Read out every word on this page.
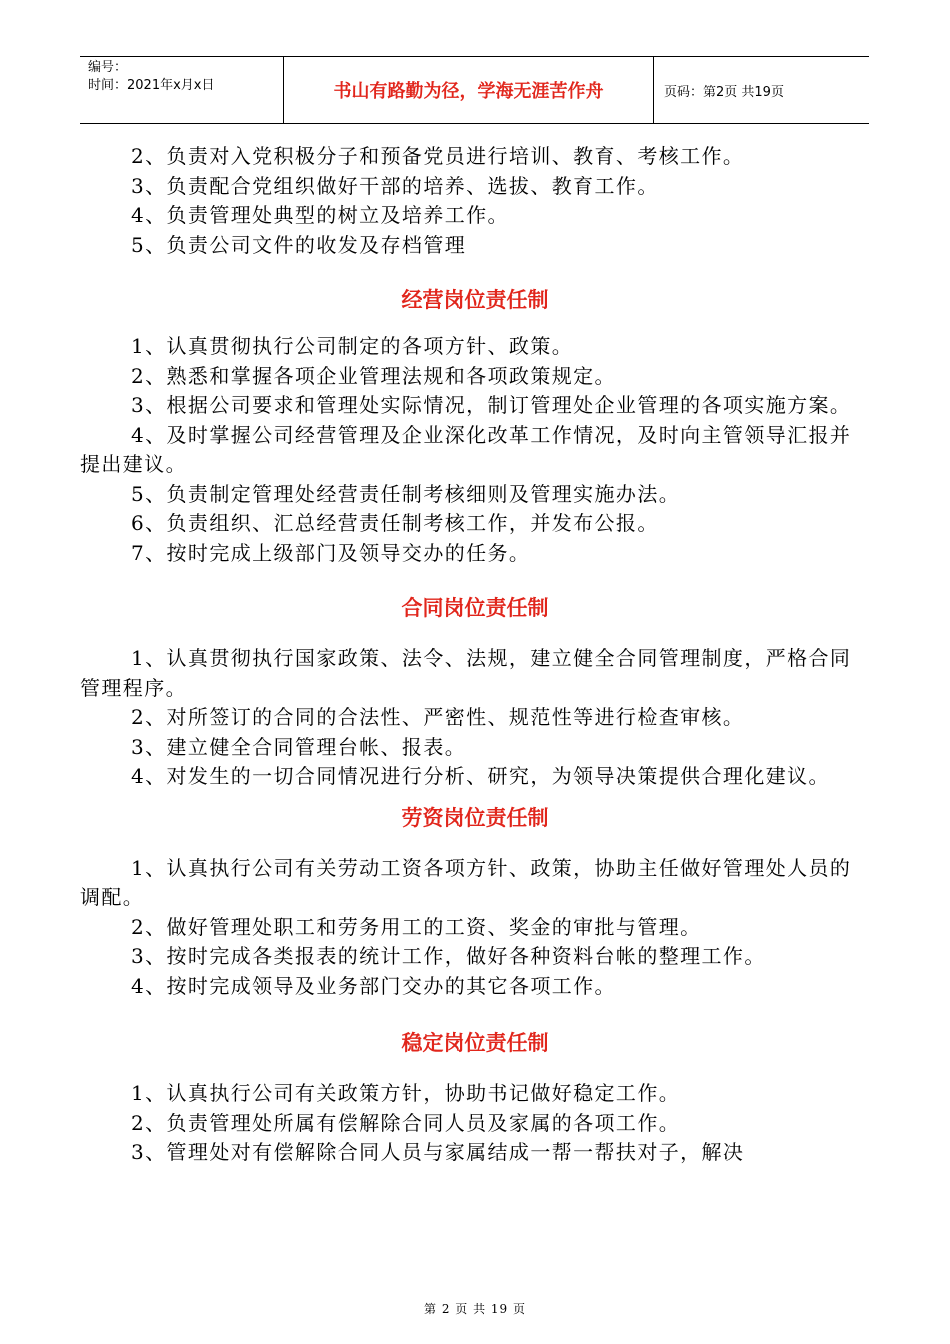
编号：
时间：2021年x月x日	书山有路勤为径，学海无涯苦作舟	页码：第2页 共19页

2、负责对入党积极分子和预备党员进行培训、教育、考核工作。

3、负责配合党组织做好干部的培养、选拔、教育工作。

4、负责管理处典型的树立及培养工作。

5、负责公司文件的收发及存档管理

经营岗位责任制

1、认真贯彻执行公司制定的各项方针、政策。

2、熟悉和掌握各项企业管理法规和各项政策规定。

3、根据公司要求和管理处实际情况，制订管理处企业管理的各项实施方案。

4、及时掌握公司经营管理及企业深化改革工作情况，及时向主管领导汇报并提出建议。

5、负责制定管理处经营责任制考核细则及管理实施办法。

6、负责组织、汇总经营责任制考核工作，并发布公报。

7、按时完成上级部门及领导交办的任务。

合同岗位责任制

1、认真贯彻执行国家政策、法令、法规，建立健全合同管理制度，严格合同管理程序。

2、对所签订的合同的合法性、严密性、规范性等进行检查审核。

3、建立健全合同管理台帐、报表。

4、对发生的一切合同情况进行分析、研究，为领导决策提供合理化建议。

劳资岗位责任制

1、认真执行公司有关劳动工资各项方针、政策，协助主任做好管理处人员的调配。

2、做好管理处职工和劳务用工的工资、奖金的审批与管理。

3、按时完成各类报表的统计工作，做好各种资料台帐的整理工作。

4、按时完成领导及业务部门交办的其它各项工作。

稳定岗位责任制

1、认真执行公司有关政策方针，协助书记做好稳定工作。

2、负责管理处所属有偿解除合同人员及家属的各项工作。

3、管理处对有偿解除合同人员与家属结成一帮一帮扶对子，解决

第 2 页 共 19 页
